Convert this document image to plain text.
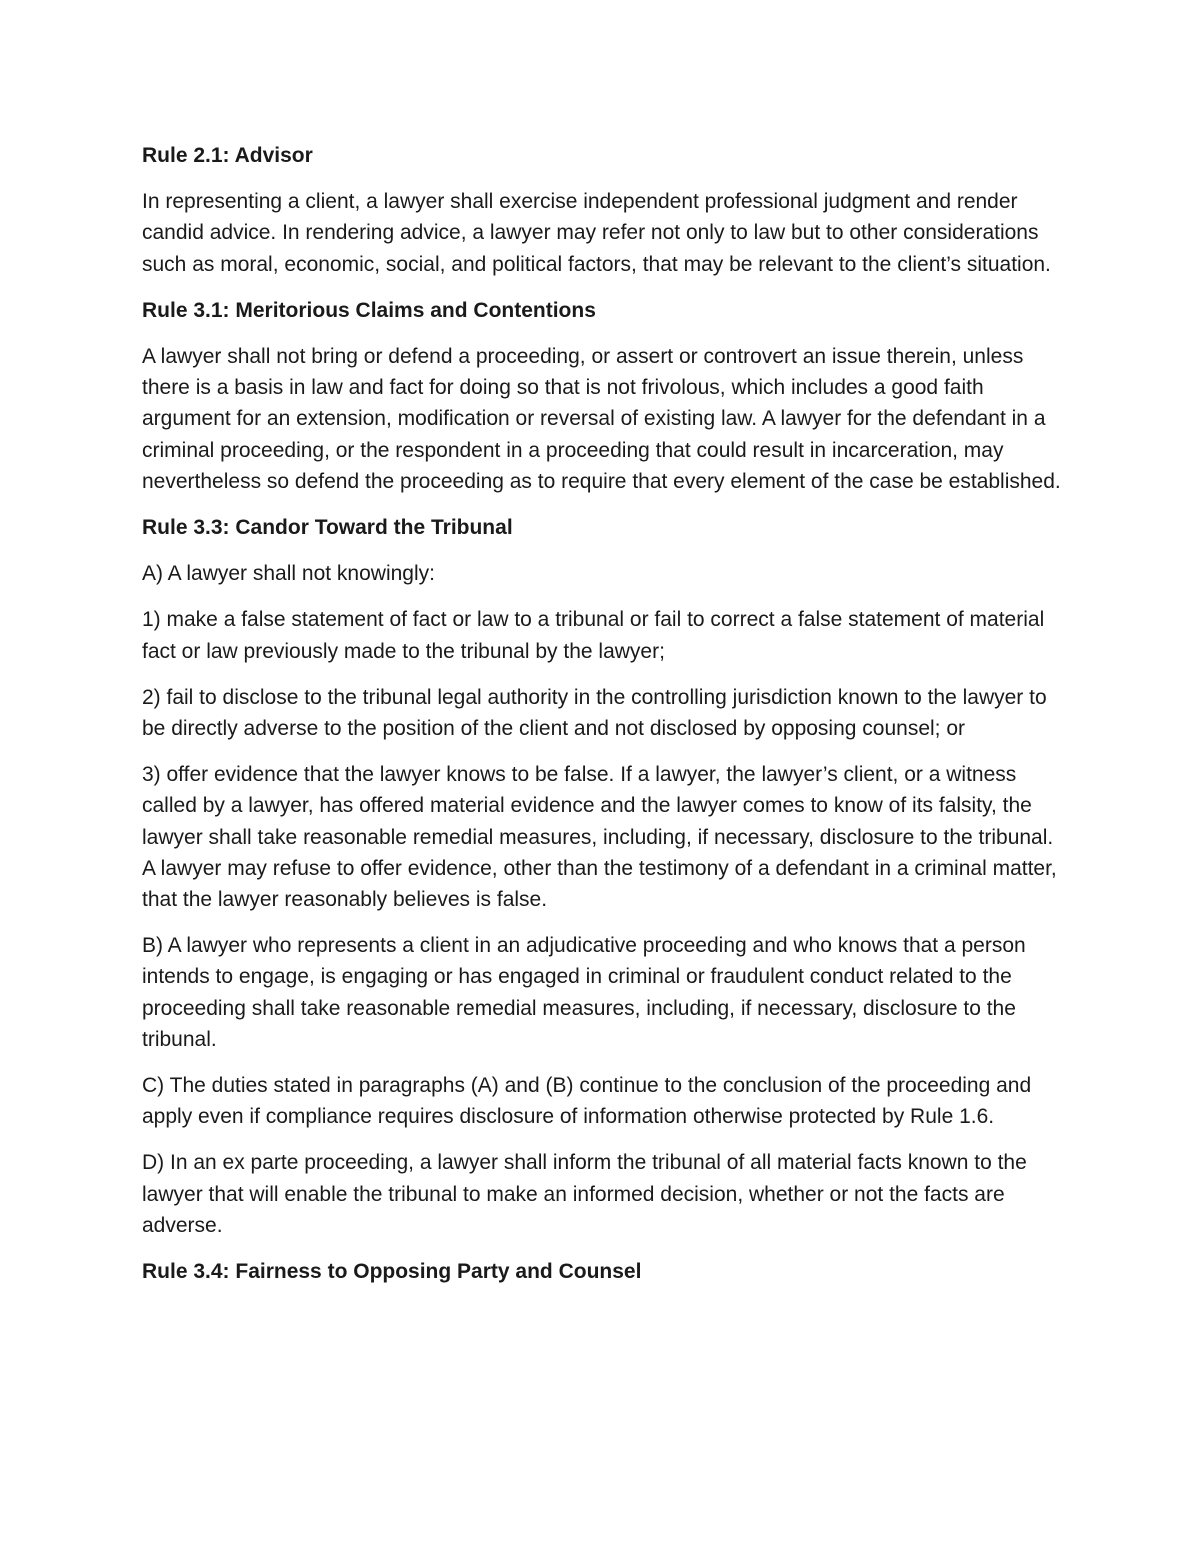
Rule 2.1: Advisor
In representing a client, a lawyer shall exercise independent professional judgment and render candid advice. In rendering advice, a lawyer may refer not only to law but to other considerations such as moral, economic, social, and political factors, that may be relevant to the client’s situation.
Rule 3.1: Meritorious Claims and Contentions
A lawyer shall not bring or defend a proceeding, or assert or controvert an issue therein, unless there is a basis in law and fact for doing so that is not frivolous, which includes a good faith argument for an extension, modification or reversal of existing law. A lawyer for the defendant in a criminal proceeding, or the respondent in a proceeding that could result in incarceration, may nevertheless so defend the proceeding as to require that every element of the case be established.
Rule 3.3: Candor Toward the Tribunal
A) A lawyer shall not knowingly:
1) make a false statement of fact or law to a tribunal or fail to correct a false statement of material fact or law previously made to the tribunal by the lawyer;
2) fail to disclose to the tribunal legal authority in the controlling jurisdiction known to the lawyer to be directly adverse to the position of the client and not disclosed by opposing counsel; or
3) offer evidence that the lawyer knows to be false. If a lawyer, the lawyer’s client, or a witness called by a lawyer, has offered material evidence and the lawyer comes to know of its falsity, the lawyer shall take reasonable remedial measures, including, if necessary, disclosure to the tribunal. A lawyer may refuse to offer evidence, other than the testimony of a defendant in a criminal matter, that the lawyer reasonably believes is false.
B) A lawyer who represents a client in an adjudicative proceeding and who knows that a person intends to engage, is engaging or has engaged in criminal or fraudulent conduct related to the proceeding shall take reasonable remedial measures, including, if necessary, disclosure to the tribunal.
C) The duties stated in paragraphs (A) and (B) continue to the conclusion of the proceeding and apply even if compliance requires disclosure of information otherwise protected by Rule 1.6.
D) In an ex parte proceeding, a lawyer shall inform the tribunal of all material facts known to the lawyer that will enable the tribunal to make an informed decision, whether or not the facts are adverse.
Rule 3.4: Fairness to Opposing Party and Counsel
